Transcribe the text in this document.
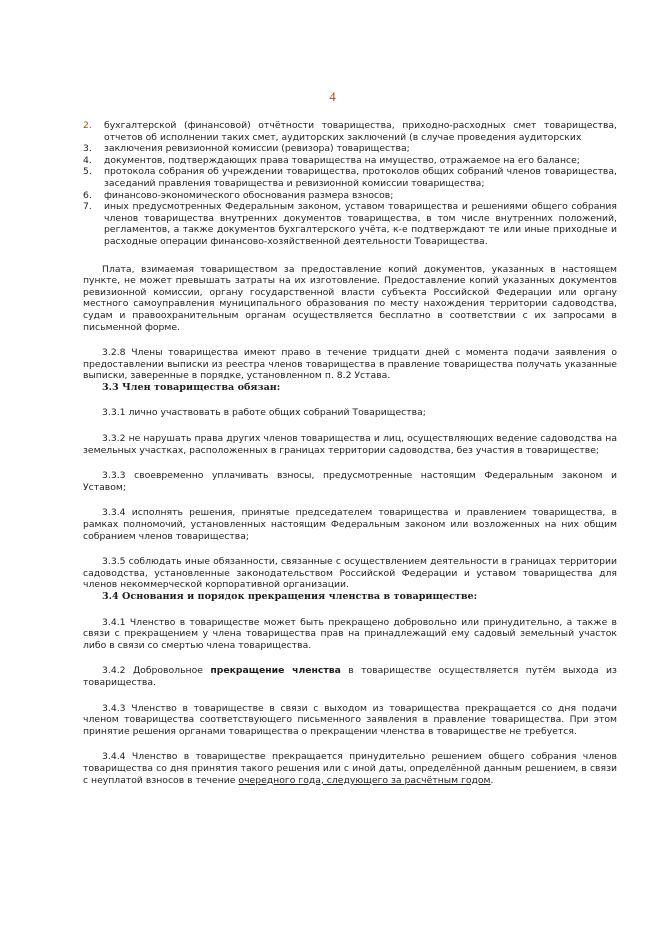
4
2. бухгалтерской (финансовой) отчётности товарищества, приходно-расходных смет товарищества, отчетов об исполнении таких смет, аудиторских заключений (в случае проведения аудиторских
3. заключения ревизионной комиссии (ревизора) товарищества;
4. документов, подтверждающих права товарищества на имущество, отражаемое на его балансе;
5. протокола собрания об учреждении товарищества, протоколов общих собраний членов товарищества, заседаний правления товарищества и ревизионной комиссии товарищества;
6. финансово-экономического обоснования размера взносов;
7. иных предусмотренных Федеральным законом, уставом товарищества и решениями общего собрания членов товарищества внутренних документов товарищества, в том числе внутренних положений, регламентов, а также документов бухгалтерского учёта, к-е подтверждают те или иные приходные и расходные операции финансово-хозяйственной деятельности Товарищества.

Плата, взимаемая товариществом за предоставление копий документов, указанных в настоящем пункте, не может превышать затраты на их изготовление. Предоставление копий указанных документов ревизионной комиссии, органу государственной власти субъекта Российской Федерации или органу местного самоуправления муниципального образования по месту нахождения территории садоводства, судам и правоохранительным органам осуществляется бесплатно в соответствии с их запросами в письменной форме.

3.2.8 Члены товарищества имеют право в течение тридцати дней с момента подачи заявления о предоставлении выписки из реестра членов товарищества в правление товарищества получать указанные выписки, заверенные в порядке, установленном п. 8.2 Устава.

3.3 Член товарищества обязан:

3.3.1 лично участвовать в работе общих собраний Товарищества;

3.3.2 не нарушать права других членов товарищества и лиц, осуществляющих ведение садоводства на земельных участках, расположенных в границах территории садоводства, без участия в товариществе;

3.3.3 своевременно уплачивать взносы, предусмотренные настоящим Федеральным законом и Уставом;

3.3.4 исполнять решения, принятые председателем товарищества и правлением товарищества, в рамках полномочий, установленных настоящим Федеральным законом или возложенных на них общим собранием членов товарищества;

3.3.5 соблюдать иные обязанности, связанные с осуществлением деятельности в границах территории садоводства, установленные законодательством Российской Федерации и уставом товарищества для членов некоммерческой корпоративной организации.

3.4 Основания и порядок прекращения членства в товариществе:

3.4.1 Членство в товариществе может быть прекращено добровольно или принудительно, а также в связи с прекращением у члена товарищества прав на принадлежащий ему садовый земельный участок либо в связи со смертью члена товарищества.

3.4.2 Добровольное прекращение членства в товариществе осуществляется путём выхода из товарищества.

3.4.3 Членство в товариществе в связи с выходом из товарищества прекращается со дня подачи членом товарищества соответствующего письменного заявления в правление товарищества. При этом принятие решения органами товарищества о прекращении членства в товариществе не требуется.

3.4.4 Членство в товариществе прекращается принудительно решением общего собрания членов товарищества со дня принятия такого решения или с иной даты, определённой данным решением, в связи с неуплатой взносов в течение очередного года, следующего за расчётным годом.
